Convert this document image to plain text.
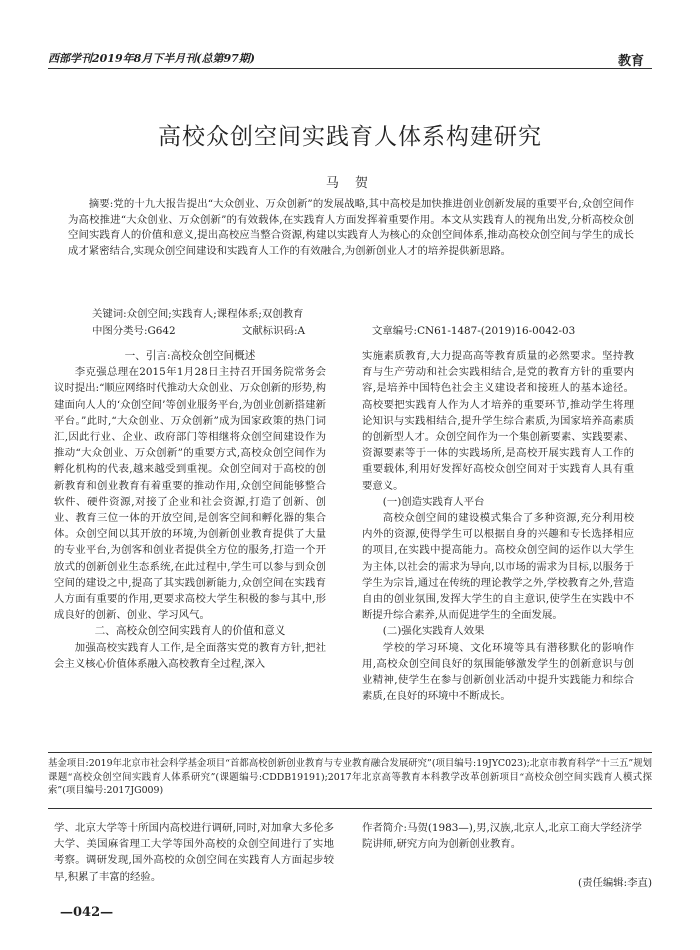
西部学刊2019年8月下半月刊(总第97期)	教育
高校众创空间实践育人体系构建研究
马 贺
摘要:党的十九大报告提出“大众创业、万众创新”的发展战略,其中高校是加快推进创业创新发展的重要平台,众创空间作为高校推进“大众创业、万众创新”的有效载体,在实践育人方面发挥着重要作用。本文从实践育人的视角出发,分析高校众创空间实践育人的价值和意义,提出高校应当整合资源,构建以实践育人为核心的众创空间体系,推动高校众创空间与学生的成长成才紧密结合,实现众创空间建设和实践育人工作的有效融合,为创新创业人才的培养提供新思路。
关键词:众创空间;实践育人;课程体系;双创教育
中图分类号:G642	文献标识码:A	文章编号:CN61-1487-(2019)16-0042-03
一、引言:高校众创空间概述

李克强总理在2015年1月28日主持召开国务院常务会议时提出:“顺应网络时代推动大众创业、万众创新的形势,构建面向人人的‘众创空间’等创业服务平台,为创业创新搭建新平台。”此时,“大众创业、万众创新”成为国家政策的热门词汇,因此行业、企业、政府部门等相继将众创空间建设作为推动“大众创业、万众创新”的重要方式,高校众创空间作为孵化机构的代表,越来越受到重视。众创空间对于高校的创新教育和创业教育有着重要的推动作用,众创空间能够整合软件、硬件资源,对接了企业和社会资源,打造了创新、创业、教育三位一体的开放空间,是创客空间和孵化器的集合体。众创空间以其开放的环境,为创新创业教育提供了大量的专业平台,为创客和创业者提供全方位的服务,打造一个开放式的创新创业生态系统,在此过程中,学生可以参与到众创空间的建设之中,提高了其实践创新能力,众创空间在实践育人方面有重要的作用,更要求高校大学生积极的参与其中,形成良好的创新、创业、学习风气。

二、高校众创空间实践育人的价值和意义

加强高校实践育人工作,是全面落实党的教育方针,把社会主义核心价值体系融入高校教育全过程,深入

实施素质教育,大力提高高等教育质量的必然要求。坚持教育与生产劳动和社会实践相结合,是党的教育方针的重要内容,是培养中国特色社会主义建设者和接班人的基本途径。高校要把实践育人作为人才培养的重要环节,推动学生将理论知识与实践相结合,提升学生综合素质,为国家培养高素质的创新型人才。众创空间作为一个集创新要素、实践要素、资源要素等于一体的实践场所,是高校开展实践育人工作的重要载体,利用好发挥好高校众创空间对于实践育人具有重要意义。

(一)创造实践育人平台

高校众创空间的建设模式集合了多种资源,充分利用校内外的资源,使得学生可以根据自身的兴趣和专长选择相应的项目,在实践中提高能力。高校众创空间的运作以大学生为主体,以社会的需求为导向,以市场的需求为目标,以服务于学生为宗旨,通过在传统的理论教学之外,学校教育之外,营造自由的创业氛围,发挥大学生的自主意识,使学生在实践中不断提升综合素养,从而促进学生的全面发展。

(二)强化实践育人效果

学校的学习环境、文化环境等具有潜移默化的影响作用,高校众创空间良好的氛围能够激发学生的创新意识与创业精神,使学生在参与创新创业活动中提升实践能力和综合素质,在良好的环境中不断成长。

基金项目:2019年北京市社会科学基金项目“首都高校创新创业教育与专业教育融合发展研究”(项目编号:19JYC023);北京市教育科学“十三五”规划课题“高校众创空间实践育人体系研究”(课题编号:CDDB19191);2017年北京高等教育本科教学改革创新项目“高校众创空间实践育人模式探索”(项目编号:2017JG009)

学、北京大学等十所国内高校进行调研,同时,对加拿大多伦多大学、美国麻省理工大学等国外高校的众创空间进行了实地考察。调研发现,国外高校的众创空间在实践育人方面起步较早,积累了丰富的经验。

作者简介:马贺(1983—),男,汉族,北京人,北京工商大学经济学院讲师,研究方向为创新创业教育。

(责任编辑:李直)
—042—
